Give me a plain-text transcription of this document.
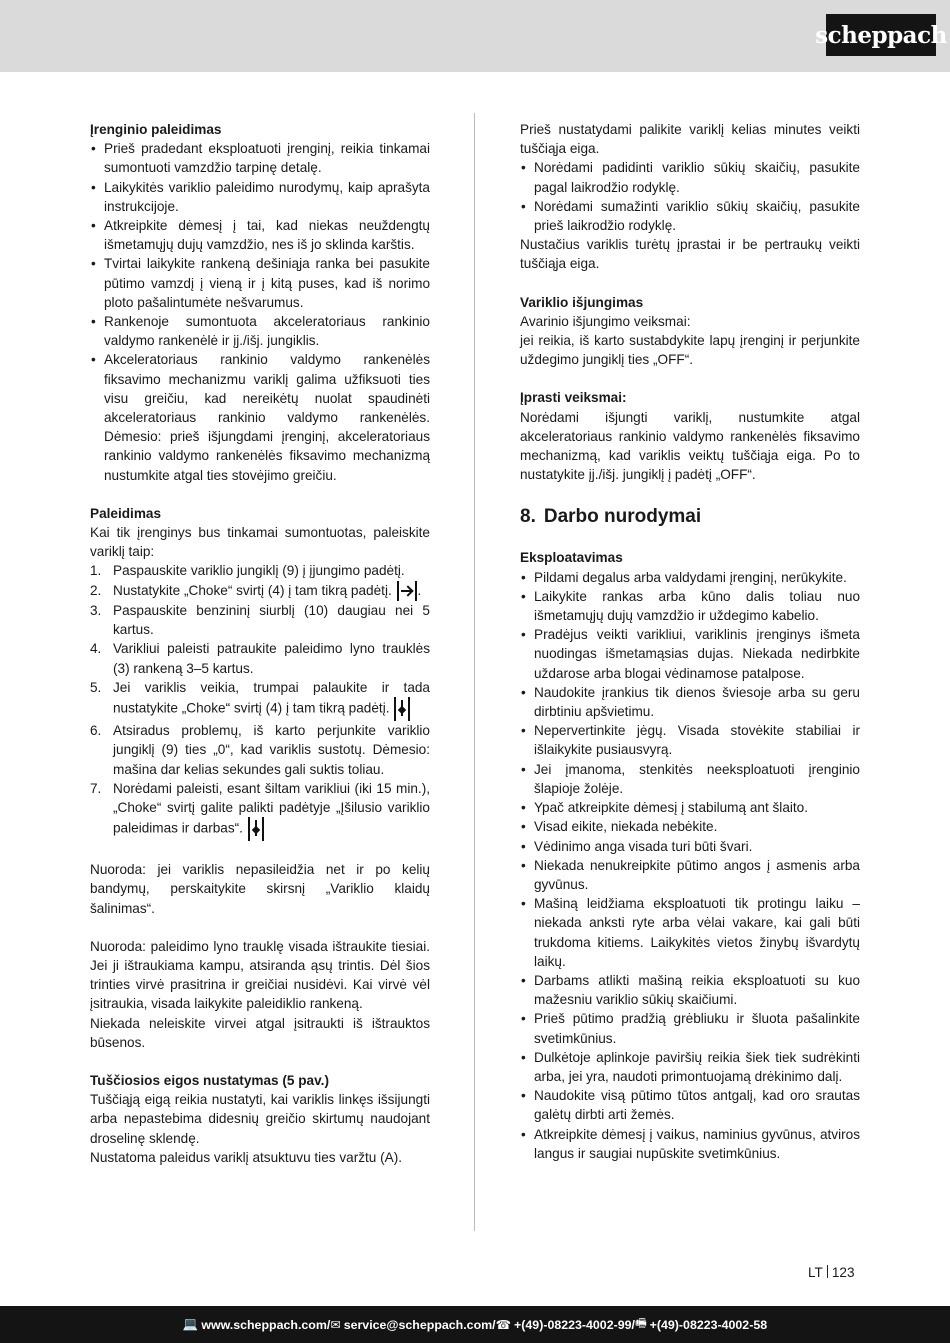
scheppach
Įrenginio paleidimas
• Prieš pradedant eksploatuoti įrenginį, reikia tinkamai sumontuoti vamzdžio tarpinę detalę.
• Laikykitės variklio paleidimo nurodymų, kaip aprašyta instrukcijoje.
• Atkreipkite dėmesį į tai, kad niekas neuždengtų išmetamųjų dujų vamzdžio, nes iš jo sklinda karštis.
• Tvirtai laikykite rankeną dešiniąja ranka bei pasukite pūtimo vamzdį į vieną ir į kitą puses, kad iš norimo ploto pašalintumėte nešvarumus.
• Rankenoje sumontuota akceleratoriaus rankinio valdymo rankenėlė ir įj./išj. jungiklis.
• Akceleratoriaus rankinio valdymo rankenėlės fiksavimo mechanizmu variklį galima užfiksuoti ties visu greičiu, kad nereikėtų nuolat spaudinėti akceleratoriaus rankinio valdymo rankenėlės. Dėmesio: prieš išjungdami įrenginį, akceleratoriaus rankinio valdymo rankenėlės fiksavimo mechanizmą nustumkite atgal ties stovėjimo greičiu.
Paleidimas
Kai tik įrenginys bus tinkamai sumontuotas, paleiskite variklį taip:
1. Paspauskite variklio jungiklį (9) į įjungimo padėtį.
2. Nustatykite „Choke“ svirtį (4) į tam tikrą padėtį. .
3. Paspauskite benzininį siurblį (10) daugiau nei 5 kartus.
4. Varikliui paleisti patraukite paleidimo lyno trauklės (3) rankeną 3–5 kartus.
5. Jei variklis veikia, trumpai palaukite ir tada nustatykite „Choke“ svirtį (4) į tam tikrą padėtį.
6. Atsiradus problemų, iš karto perjunkite variklio jungiklį (9) ties „0“, kad variklis sustotų. Dėmesio: mašina dar kelias sekundes gali suktis toliau.
7. Norėdami paleisti, esant šiltam varikliui (iki 15 min.), „Choke“ svirtį galite palikti padėtyje „Įšilusio variklio paleidimas ir darbas“.
Nuoroda: jei variklis nepasileidžia net ir po kelių bandymų, perskaitykite skirsnį „Variklio klaidų šalinimas“.
Nuoroda: paleidimo lyno trauklę visada ištraukite tiesiai. Jei ji ištraukiama kampu, atsiranda ąsų trintis. Dėl šios trinties virvė prasitrina ir greičiai nusidėvi. Kai virvė vėl įsitraukia, visada laikykite paleidiklio rankeną.
Niekada neleiskite virvei atgal įsitraukti iš ištrauktos būsenos.
Tuščiosios eigos nustatymas (5 pav.)
Tuščiąją eigą reikia nustatyti, kai variklis linkęs išsijungti arba nepastebima didesnių greičio skirtumų naudojant droselinę sklendę.
Nustatoma paleidus variklį atsuktuvu ties varžtu (A).
Prieš nustatydami palikite variklį kelias minutes veikti tuščiąja eiga.
• Norėdami padidinti variklio sūkių skaičių, pasukite pagal laikrodžio rodyklę.
• Norėdami sumažinti variklio sūkių skaičių, pasukite prieš laikrodžio rodyklę.
Nustačius variklis turėtų įprastai ir be pertraukų veikti tuščiąja eiga.
Variklio išjungimas
Avarinio išjungimo veiksmai:
jei reikia, iš karto sustabdykite lapų įrenginį ir perjunkite uždegimo jungiklį ties „OFF“.
Įprasti veiksmai:
Norėdami išjungti variklį, nustumkite atgal akceleratoriaus rankinio valdymo rankenėlės fiksavimo mechanizmą, kad variklis veiktų tuščiąja eiga. Po to nustatykite įj./išj. jungiklį į padėtį „OFF“.
8. Darbo nurodymai
Eksploatavimas
• Pildami degalus arba valdydami įrenginį, nerūkykite.
• Laikykite rankas arba kūno dalis toliau nuo išmetamųjų dujų vamzdžio ir uždegimo kabelio.
• Pradėjus veikti varikliui, variklinis įrenginys išmeta nuodingas išmetamąsias dujas. Niekada nedirbkite uždarose arba blogai vėdinamose patalpose.
• Naudokite įrankius tik dienos šviesoje arba su geru dirbtiniu apšvietimu.
• Nepervertinkite jėgų. Visada stovėkite stabiliai ir išlaikykite pusiausvyrą.
• Jei įmanoma, stenkitės neeksploatuoti įrenginio šlapioje žolėje.
• Ypač atkreipkite dėmesį į stabilumą ant šlaito.
• Visad eikite, niekada nebėkite.
• Vėdinimo anga visada turi būti švari.
• Niekada nenukreipkite pūtimo angos į asmenis arba gyvūnus.
• Mašiną leidžiama eksploatuoti tik protingu laiku – niekada anksti ryte arba vėlai vakare, kai gali būti trukdoma kitiems. Laikykitės vietos žinybų išvardytų laikų.
• Darbams atlikti mašiną reikia eksploatuoti su kuo mažesniu variklio sūkių skaičiumi.
• Prieš pūtimo pradžią grėbliuku ir šluota pašalinkite svetimkūnius.
• Dulkėtoje aplinkoje paviršių reikia šiek tiek sudrėkinti arba, jei yra, naudoti primontuojamą drėkinimo dalį.
• Naudokite visą pūtimo tūtos antgalį, kad oro srautas galėtų dirbti arti žemės.
• Atkreipkite dėmesį į vaikus, naminius gyvūnus, atviros langus ir saugiai nupūskite svetimkūnius.
LT 123
💻 www.scheppach.com / ✉ service@scheppach.com / ☎ +(49)-08223-4002-99 / 🖷 +(49)-08223-4002-58
